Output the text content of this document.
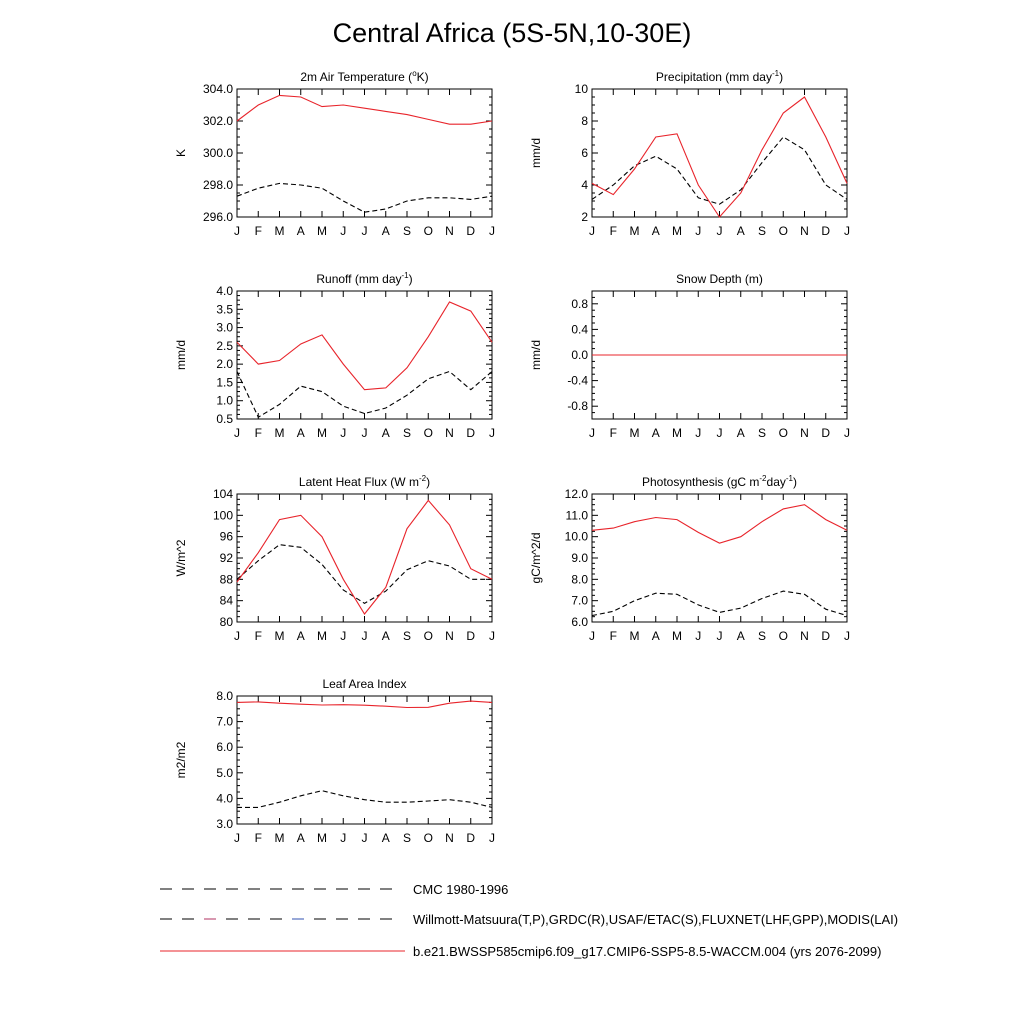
Central Africa (5S-5N,10-30E)
2m Air Temperature ($^o$K)
K
296.0
298.0
300.0
302.0
304.0
J F M A M J J A S O N D J
Precipitation (mm day$^{-1}$)
mm/d
2
4
6
8
10
J F M A M J J A S O N D J
Runoff (mm day$^{-1}$)
mm/d
0.5
1.0
1.5
2.0
2.5
3.0
3.5
4.0
J F M A M J J A S O N D J
Snow Depth (m)
mm/d
-0.8
-0.4
0.0
0.4
0.8
J F M A M J J A S O N D J
Latent Heat Flux (W $m^{-2}$)
W/m^2
80
84
88
92
96
100
104
J F M A M J J A S O N D J
Photosynthesis (gC $m^{-2}day^{-1}$)
gC/m^2/d
6.0
7.0
8.0
9.0
10.0
11.0
12.0
J F M A M J J A S O N D J
Leaf Area Index
m2/m2
3.0
4.0
5.0
6.0
7.0
8.0
J F M A M J J A S O N D J
CMC 1980-1996
Willmott-Matsuura(T,P),GRDC(R),USAF/ETAC(S),FLUXNET(LHF,GPP),MODIS(LAI)
b.e21.BWSSP585cmip6.f09_g17.CMIP6-SSP5-8.5-WACCM.004 (yrs 2076-2099)
